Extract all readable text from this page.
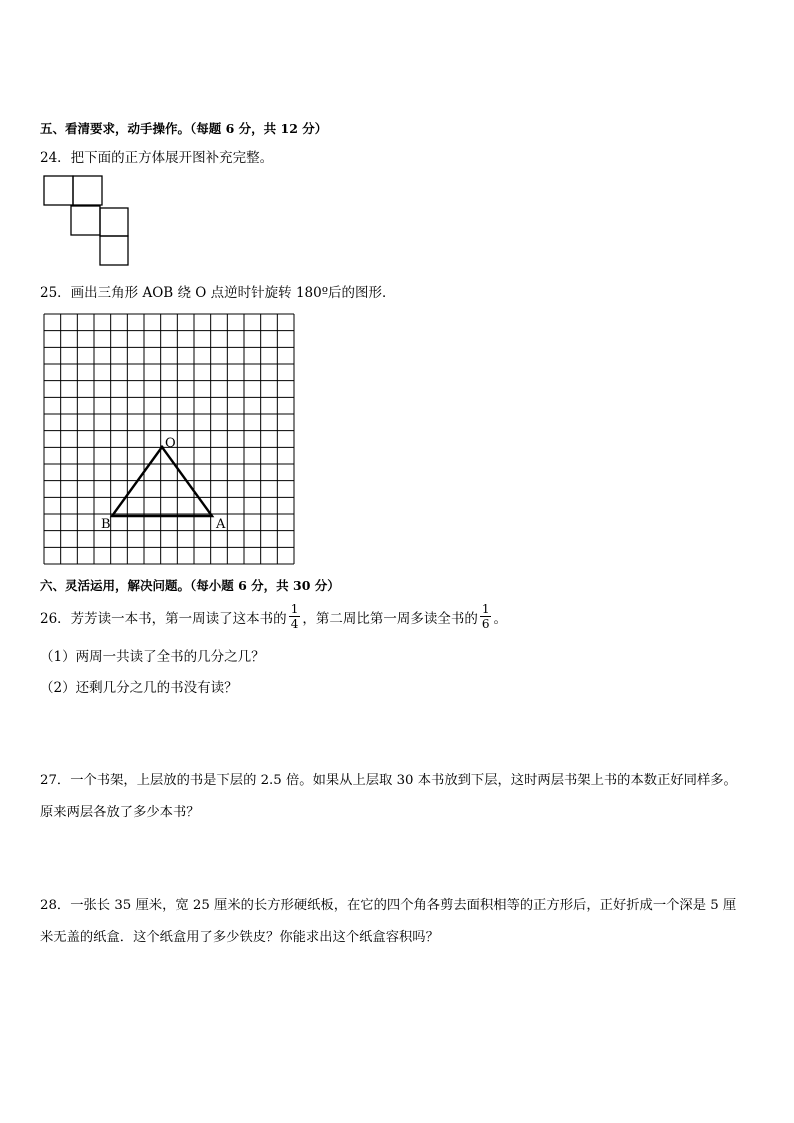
五、看清要求，动手操作。（每题 6 分，共 12 分）
24．把下面的正方体展开图补充完整。
25．画出三角形 AOB 绕 O 点逆时针旋转 180º后的图形．
O
A
B
六、灵活运用，解决问题。（每小题 6 分，共 30 分）
26．芳芳读一本书，第一周读了这本书的 $\frac{1}{4}$ ，第二周比第一周多读全书的 $\frac{1}{6}$ 。
（1）两周一共读了全书的几分之几？
（2）还剩几分之几的书没有读？
27．一个书架，上层放的书是下层的 2.5 倍。如果从上层取 30 本书放到下层，这时两层书架上书的本数正好同样多。
原来两层各放了多少本书？
28．一张长 35 厘米，宽 25 厘米的长方形硬纸板，在它的四个角各剪去面积相等的正方形后，正好折成一个深是 5 厘
米无盖的纸盒．这个纸盒用了多少铁皮？你能求出这个纸盒容积吗？
